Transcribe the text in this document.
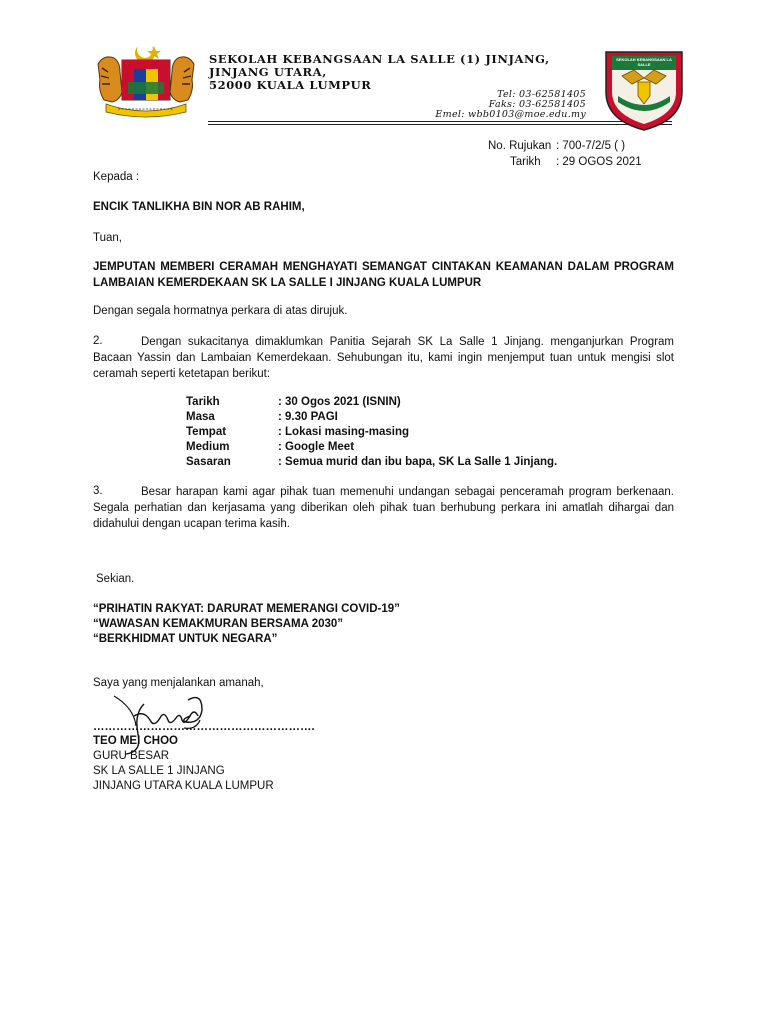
SEKOLAH KEBANGSAAN LA SALLE (1) JINJANG,
JINJANG UTARA,
52000 KUALA LUMPUR
Tel: 03-62581405
Faks: 03-62581405
Emel: wbb0103@moe.edu.my
SEKOLAH KEBANGSAAN LA SALLE
No. Rujukan : 700-7/2/5 ( )
Tarikh : 29 OGOS 2021
Kepada :
ENCIK TANLIKHA BIN NOR AB RAHIM,
Tuan,
JEMPUTAN MEMBERI CERAMAH MENGHAYATI SEMANGAT CINTAKAN KEAMANAN DALAM PROGRAM LAMBAIAN KEMERDEKAAN SK LA SALLE I JINJANG KUALA LUMPUR
Dengan segala hormatnya perkara di atas dirujuk.
2.	Dengan sukacitanya dimaklumkan Panitia Sejarah SK La Salle 1 Jinjang. menganjurkan Program Bacaan Yassin dan Lambaian Kemerdekaan. Sehubungan itu, kami ingin menjemput tuan untuk mengisi slot ceramah seperti ketetapan berikut:
Tarikh	: 30 Ogos 2021 (ISNIN)
Masa	: 9.30 PAGI
Tempat	: Lokasi masing-masing
Medium	: Google Meet
Sasaran	: Semua murid dan ibu bapa, SK La Salle 1 Jinjang.
3.	Besar harapan kami agar pihak tuan memenuhi undangan sebagai penceramah program berkenaan. Segala perhatian dan kerjasama yang diberikan oleh pihak tuan berhubung perkara ini amatlah dihargai dan didahului dengan ucapan terima kasih.
Sekian.
“PRIHATIN RAKYAT: DARURAT MEMERANGI COVID-19”
“WAWASAN KEMAKMURAN BERSAMA 2030”
“BERKHIDMAT UNTUK NEGARA”
Saya yang menjalankan amanah,
………………………………………………….
TEO MEI CHOO
GURU BESAR
SK LA SALLE 1 JINJANG
JINJANG UTARA KUALA LUMPUR
